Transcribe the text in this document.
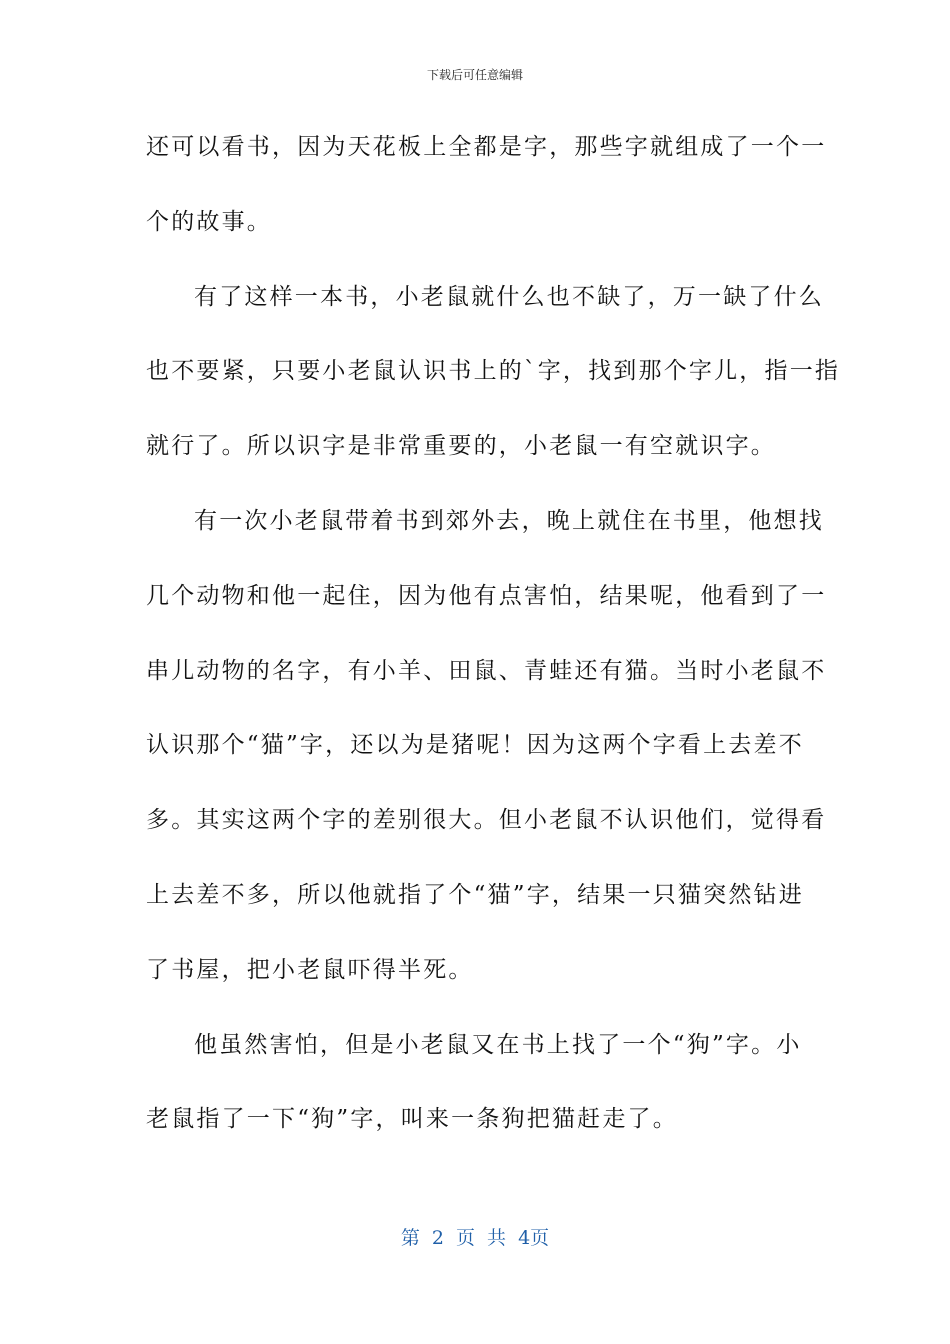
下载后可任意编辑
还可以看书，因为天花板上全都是字，那些字就组成了一个一
个的故事。
有了这样一本书，小老鼠就什么也不缺了，万一缺了什么
也不要紧，只要小老鼠认识书上的`字，找到那个字儿，指一指
就行了。所以识字是非常重要的，小老鼠一有空就识字。
有一次小老鼠带着书到郊外去，晚上就住在书里，他想找
几个动物和他一起住，因为他有点害怕，结果呢，他看到了一
串儿动物的名字，有小羊、田鼠、青蛙还有猫。当时小老鼠不
认识那个“猫”字，还以为是猪呢！因为这两个字看上去差不
多。其实这两个字的差别很大。但小老鼠不认识他们，觉得看
上去差不多，所以他就指了个“猫”字，结果一只猫突然钻进
了书屋，把小老鼠吓得半死。
他虽然害怕，但是小老鼠又在书上找了一个“狗”字。小
老鼠指了一下“狗”字，叫来一条狗把猫赶走了。
第 2 页 共 4页
